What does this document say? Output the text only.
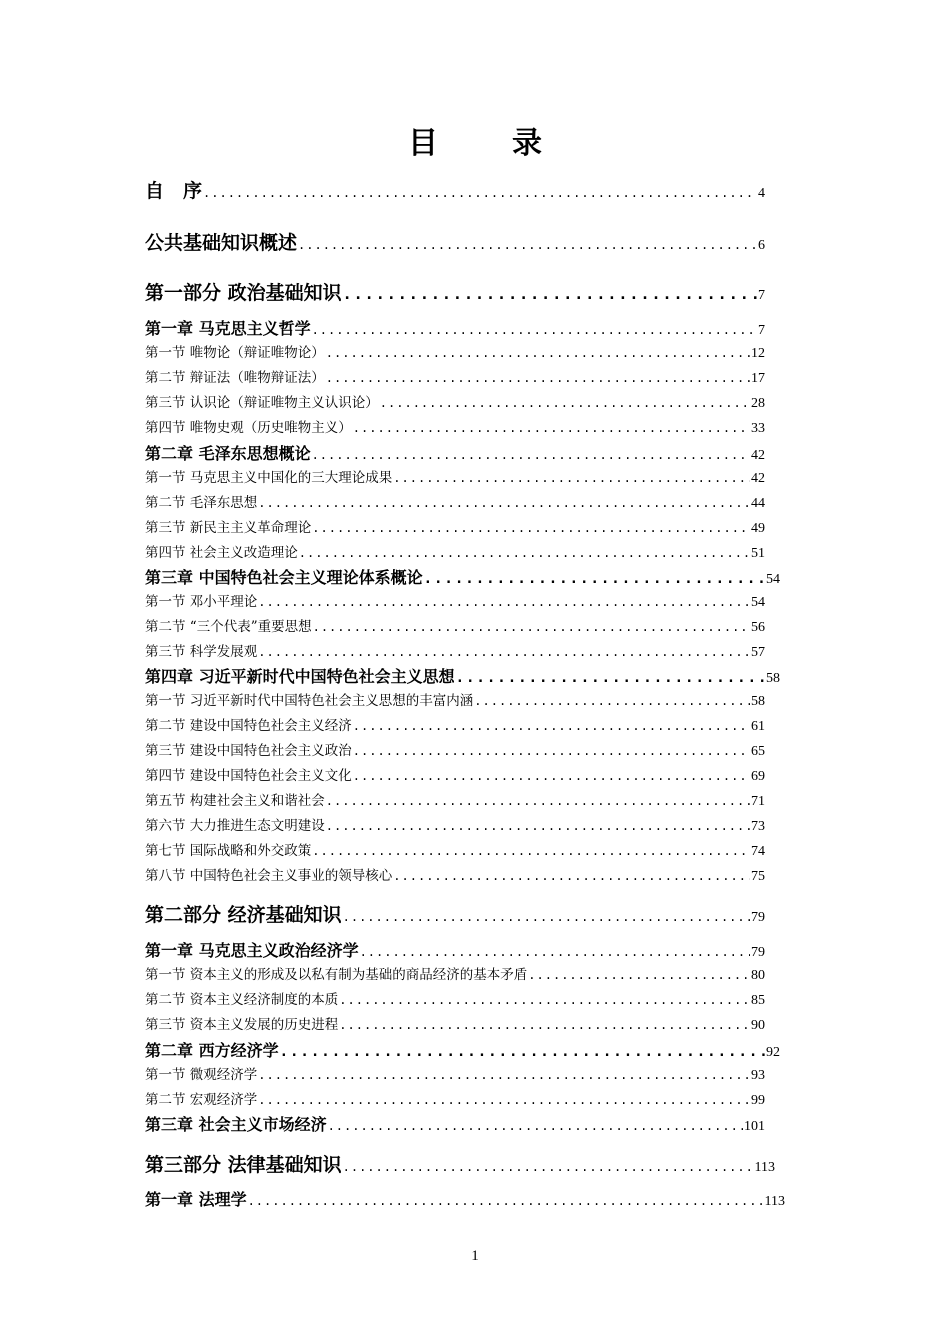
目　录
自　序 .....	4
公共基础知识概述 .....	6
第一部分 政治基础知识 .....	7
第一章 马克思主义哲学 .....	7
第一节 唯物论（辩证唯物论） .....	12
第二节 辩证法（唯物辩证法） .....	17
第三节 认识论（辩证唯物主义认识论） .....	28
第四节 唯物史观（历史唯物主义） .....	33
第二章 毛泽东思想概论 .....	42
第一节 马克思主义中国化的三大理论成果 .....	42
第二节 毛泽东思想 .....	44
第三节 新民主主义革命理论 .....	49
第四节 社会主义改造理论 .....	51
第三章 中国特色社会主义理论体系概论 .....	54
第一节 邓小平理论 .....	54
第二节 “三个代表”重要思想 .....	56
第三节 科学发展观 .....	57
第四章 习近平新时代中国特色社会主义思想 .....	58
第一节 习近平新时代中国特色社会主义思想的丰富内涵 .....	58
第二节 建设中国特色社会主义经济 .....	61
第三节 建设中国特色社会主义政治 .....	65
第四节 建设中国特色社会主义文化 .....	69
第五节 构建社会主义和谐社会 .....	71
第六节 大力推进生态文明建设 .....	73
第七节 国际战略和外交政策 .....	74
第八节 中国特色社会主义事业的领导核心 .....	75
第二部分 经济基础知识 .....	79
第一章 马克思主义政治经济学 .....	79
第一节 资本主义的形成及以私有制为基础的商品经济的基本矛盾 .....	80
第二节 资本主义经济制度的本质 .....	85
第三节 资本主义发展的历史进程 .....	90
第二章 西方经济学 .....	92
第一节 微观经济学 .....	93
第二节 宏观经济学 .....	99
第三章 社会主义市场经济 .....	101
第三部分 法律基础知识 .....	113
第一章 法理学 .....	113
1
